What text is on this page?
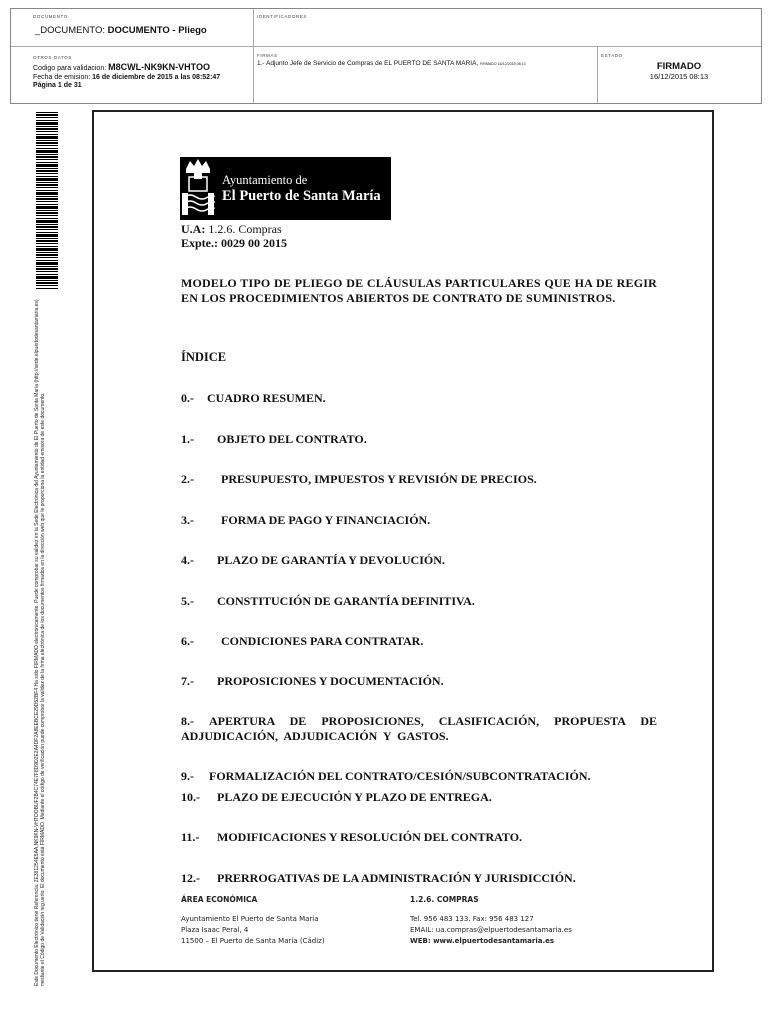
DOCUMENTO
_DOCUMENTO: DOCUMENTO - Pliego
IDENTIFICADORES
OTROS DATOS
Codigo para validacion: M8CWL-NK9KN-VHTOO
Fecha de emision: 16 de diciembre de 2015 a las 08:52:47
Página 1 de 31
FIRMAS
1.- Adjunto Jefe de Servicio de Compras de EL PUERTO DE SANTA MARIA, FIRMADO 16/12/2015 08:13
ESTADO
FIRMADO
16/12/2015 08:13
Este Documento Electrónico tiene Referencia: 2E381254E5AA,NK9KN-VHTOOBUF2B4C74E7F8D9D2E2A4DF2A8EEBCE29D52BF4 Ha sido FIRMADO electrónicamente. Puede comprobar su validez en la Sede Electrónica del Ayuntamiento de El Puerto de Santa María (http://sede.elpuertodesantamaria.es) mediante el Código de Validación reg.uerlo: El documento está FIRMADO. Mediante el código de verificación puede comprobar la validez de la firma electrónica de los documentos firmados en la dirección web que le proporciona la entidad emisora de este documento.
Ayuntamiento de
El Puerto de Santa María
U.A: 1.2.6. Compras
Expte.: 0029 00 2015
MODELO TIPO DE PLIEGO DE CLÁUSULAS PARTICULARES QUE HA DE REGIR EN LOS PROCEDIMIENTOS ABIERTOS DE CONTRATO DE SUMINISTROS.
ÍNDICE
0.- CUADRO RESUMEN.
1.- OBJETO DEL CONTRATO.
2.- PRESUPUESTO, IMPUESTOS Y REVISIÓN DE PRECIOS.
3.- FORMA DE PAGO Y FINANCIACIÓN.
4.- PLAZO DE GARANTÍA Y DEVOLUCIÓN.
5.- CONSTITUCIÓN DE GARANTÍA DEFINITIVA.
6.- CONDICIONES PARA CONTRATAR.
7.- PROPOSICIONES Y DOCUMENTACIÓN.
8.- APERTURA DE PROPOSICIONES, CLASIFICACIÓN, PROPUESTA DE ADJUDICACIÓN, ADJUDICACIÓN Y GASTOS.
9.- FORMALIZACIÓN DEL CONTRATO/CESIÓN/SUBCONTRATACIÓN.
10.- PLAZO DE EJECUCIÓN Y PLAZO DE ENTREGA.
11.- MODIFICACIONES Y RESOLUCIÓN DEL CONTRATO.
12.- PRERROGATIVAS DE LA ADMINISTRACIÓN Y JURISDICCIÓN.
ÁREA ECONÓMICA
Ayuntamiento El Puerto de Santa María
Plaza Isaac Peral, 4
11500 – El Puerto de Santa María (Cádiz)
1.2.6. COMPRAS
Tel. 956 483 133. Fax: 956 483 127
EMAIL: ua.compras@elpuertodesantamaria.es
WEB: www.elpuertodesantamaria.es
